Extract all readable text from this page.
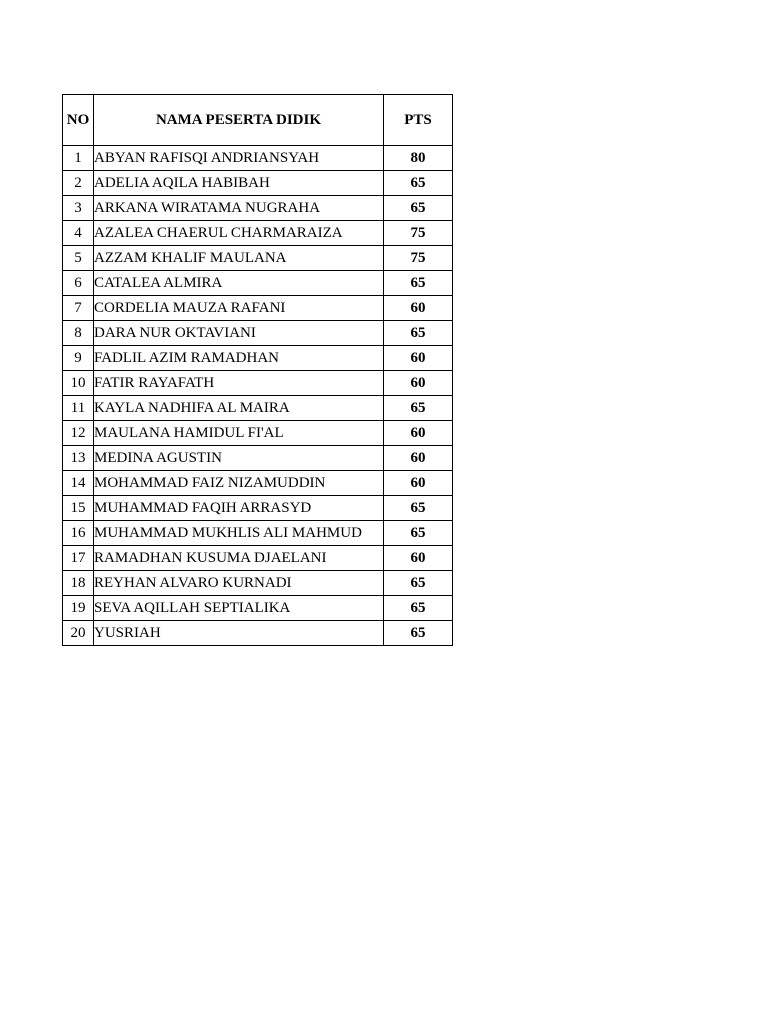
NO	NAMA PESERTA DIDIK	PTS
1	ABYAN RAFISQI ANDRIANSYAH	80
2	ADELIA AQILA HABIBAH	65
3	ARKANA WIRATAMA NUGRAHA	65
4	AZALEA CHAERUL CHARMARAIZA	75
5	AZZAM KHALIF MAULANA	75
6	CATALEA ALMIRA	65
7	CORDELIA MAUZA RAFANI	60
8	DARA NUR OKTAVIANI	65
9	FADLIL AZIM RAMADHAN	60
10	FATIR RAYAFATH	60
11	KAYLA NADHIFA AL MAIRA	65
12	MAULANA HAMIDUL FI'AL	60
13	MEDINA AGUSTIN	60
14	MOHAMMAD FAIZ NIZAMUDDIN	60
15	MUHAMMAD FAQIH ARRASYD	65
16	MUHAMMAD MUKHLIS ALI MAHMUD	65
17	RAMADHAN KUSUMA DJAELANI	60
18	REYHAN ALVARO KURNADI	65
19	SEVA AQILLAH SEPTIALIKA	65
20	YUSRIAH	65
